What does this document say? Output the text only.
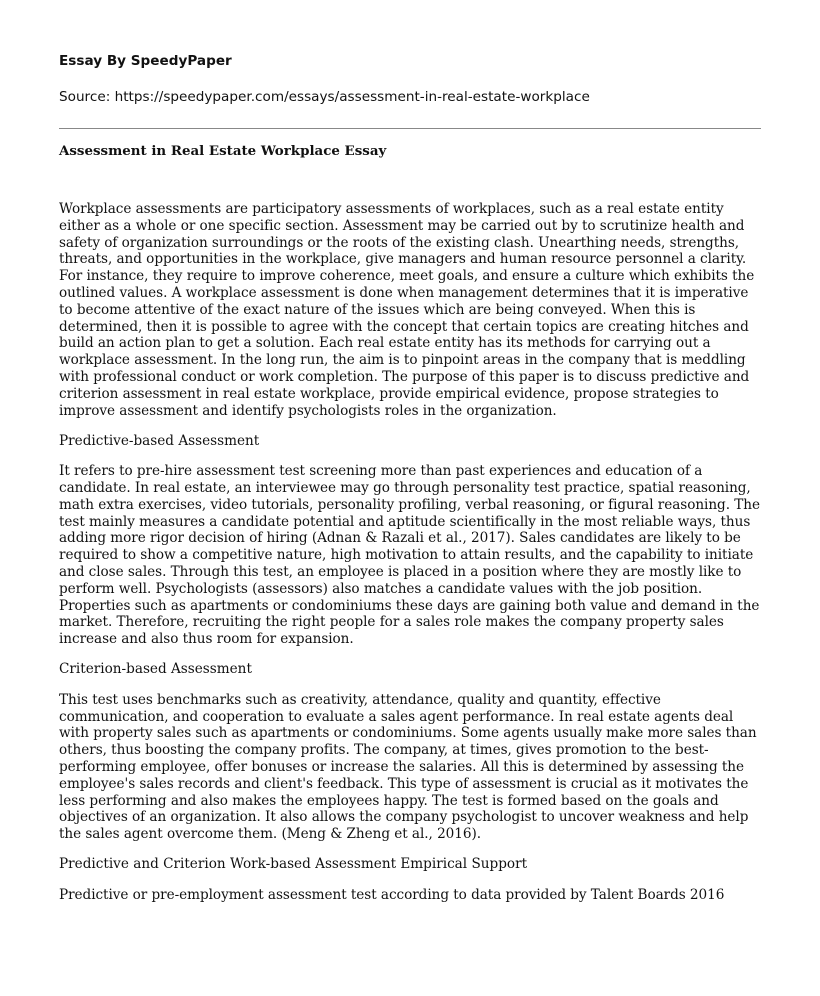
Essay By SpeedyPaper
Source: https://speedypaper.com/essays/assessment-in-real-estate-workplace
Assessment in Real Estate Workplace Essay

Workplace assessments are participatory assessments of workplaces, such as a real estate entity either as a whole or one specific section. Assessment may be carried out by to scrutinize health and safety of organization surroundings or the roots of the existing clash. Unearthing needs, strengths, threats, and opportunities in the workplace, give managers and human resource personnel a clarity. For instance, they require to improve coherence, meet goals, and ensure a culture which exhibits the outlined values. A workplace assessment is done when management determines that it is imperative to become attentive of the exact nature of the issues which are being conveyed. When this is determined, then it is possible to agree with the concept that certain topics are creating hitches and build an action plan to get a solution. Each real estate entity has its methods for carrying out a workplace assessment. In the long run, the aim is to pinpoint areas in the company that is meddling with professional conduct or work completion. The purpose of this paper is to discuss predictive and criterion assessment in real estate workplace, provide empirical evidence, propose strategies to improve assessment and identify psychologists roles in the organization.

Predictive-based Assessment

It refers to pre-hire assessment test screening more than past experiences and education of a candidate. In real estate, an interviewee may go through personality test practice, spatial reasoning, math extra exercises, video tutorials, personality profiling, verbal reasoning, or figural reasoning. The test mainly measures a candidate potential and aptitude scientifically in the most reliable ways, thus adding more rigor decision of hiring (Adnan & Razali et al., 2017). Sales candidates are likely to be required to show a competitive nature, high motivation to attain results, and the capability to initiate and close sales. Through this test, an employee is placed in a position where they are mostly like to perform well. Psychologists (assessors) also matches a candidate values with the job position. Properties such as apartments or condominiums these days are gaining both value and demand in the market. Therefore, recruiting the right people for a sales role makes the company property sales increase and also thus room for expansion.

Criterion-based Assessment

This test uses benchmarks such as creativity, attendance, quality and quantity, effective communication, and cooperation to evaluate a sales agent performance. In real estate agents deal with property sales such as apartments or condominiums. Some agents usually make more sales than others, thus boosting the company profits. The company, at times, gives promotion to the best-performing employee, offer bonuses or increase the salaries. All this is determined by assessing the employee's sales records and client's feedback. This type of assessment is crucial as it motivates the less performing and also makes the employees happy. The test is formed based on the goals and objectives of an organization. It also allows the company psychologist to uncover weakness and help the sales agent overcome them. (Meng & Zheng et al., 2016).

Predictive and Criterion Work-based Assessment Empirical Support

Predictive or pre-employment assessment test according to data provided by Talent Boards 2016
